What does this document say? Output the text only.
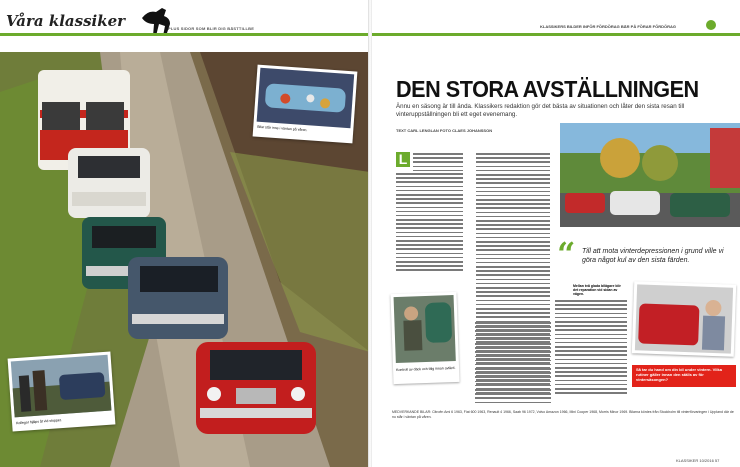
Våra klassiker	PLUS SIDOR SOM BLIR DIG BÄSTTILLBE	KLASSIKERS BILDER INFÖR FÖRDÖRAG BÄR PÅ FÖRAR FÖRDÖRAG
Bilar står inne i väntan på våren.
Kollegor hjälps åt vid stoppet.
DEN STORA AVSTÄLLNINGEN
Ännu en säsong är till ända. Klassikers redaktion gör det bästa av situationen och låter den sista resan till vinteruppställningen bli ett eget evenemang.
TEXT CARL LENGLAN FOTO CLAES JOHANSSON
L
“ Till att mota vinterdepressionen i grund ville vi göra något kul av den sista färden.
Kontroll av däck och fälg innan avfärd.
Mellan två glada bilägare blir det reparation vid sidan av vägen.
Så tar du hand om din bil under vintern. Vilka rutiner gäller innan den ställs av för vintersäsongen?
MEDVERKANDE BILAR: Citroën Ami 6 1963, Fiat 600 1963, Renault 4 1966, Saab 96 1972, Volvo Amazon 1966, Mini Cooper 1968, Morris Minor 1969. Bilarna kördes från Stockholm till vinterförvaringen i Uppland där de nu står i väntan på våren.
KLASSIKER 10/2016 57
